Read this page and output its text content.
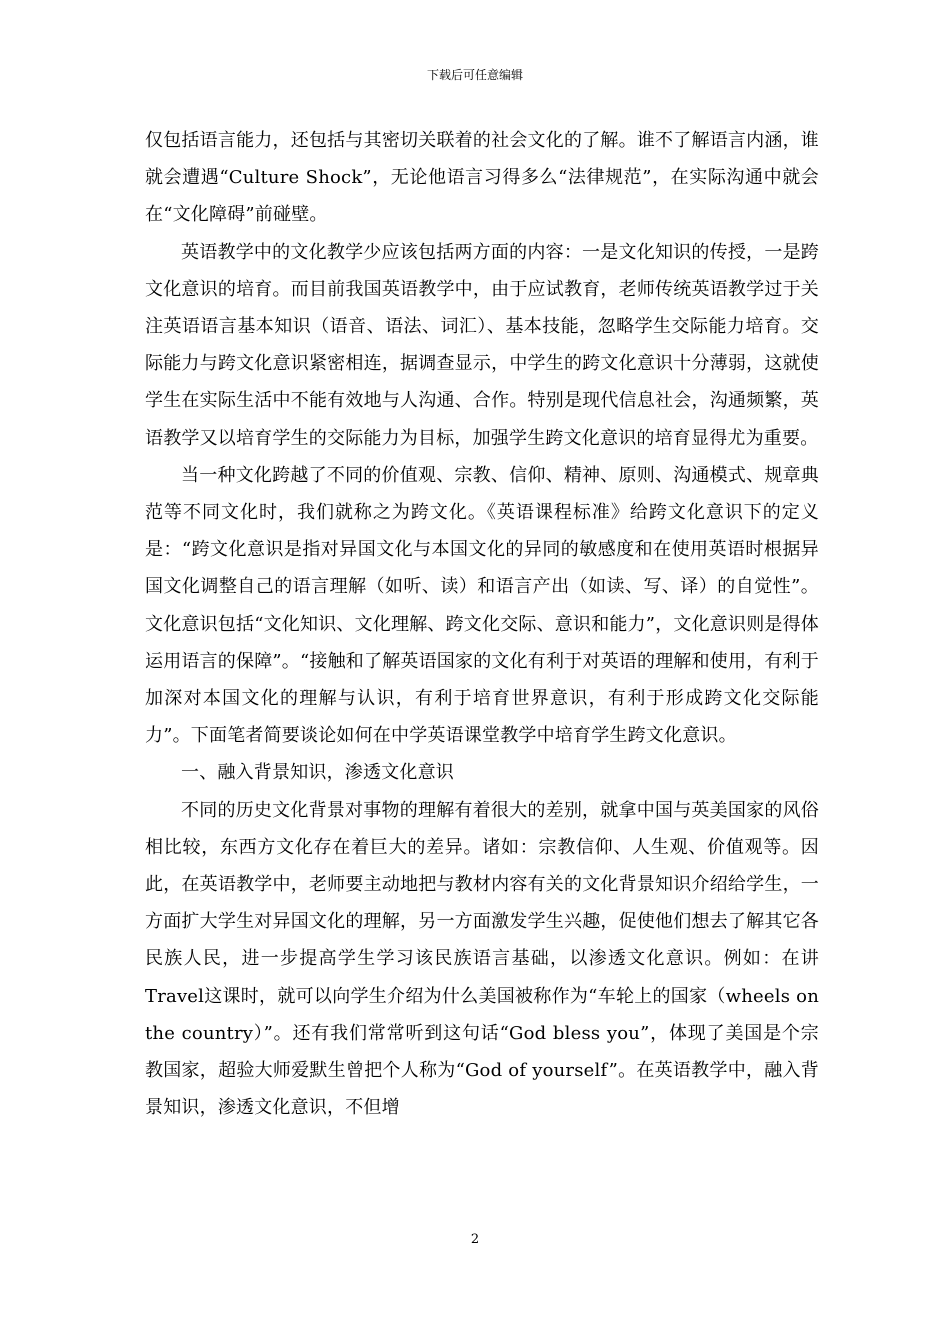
下载后可任意编辑

仅包括语言能力，还包括与其密切关联着的社会文化的了解。谁不了解语言内涵，谁就会遭遇“Culture Shock”，无论他语言习得多么“法律规范”，在实际沟通中就会在“文化障碍”前碰壁。

英语教学中的文化教学少应该包括两方面的内容：一是文化知识的传授，一是跨文化意识的培育。而目前我国英语教学中，由于应试教育，老师传统英语教学过于关注英语语言基本知识（语音、语法、词汇）、基本技能，忽略学生交际能力培育。交际能力与跨文化意识紧密相连，据调查显示，中学生的跨文化意识十分薄弱，这就使学生在实际生活中不能有效地与人沟通、合作。特别是现代信息社会，沟通频繁，英语教学又以培育学生的交际能力为目标，加强学生跨文化意识的培育显得尤为重要。

当一种文化跨越了不同的价值观、宗教、信仰、精神、原则、沟通模式、规章典范等不同文化时，我们就称之为跨文化。《英语课程标准》给跨文化意识下的定义是：“跨文化意识是指对异国文化与本国文化的异同的敏感度和在使用英语时根据异国文化调整自己的语言理解（如听、读）和语言产出（如读、写、译）的自觉性”。文化意识包括“文化知识、文化理解、跨文化交际、意识和能力”，文化意识则是得体运用语言的保障”。“接触和了解英语国家的文化有利于对英语的理解和使用，有利于加深对本国文化的理解与认识，有利于培育世界意识，有利于形成跨文化交际能力”。下面笔者简要谈论如何在中学英语课堂教学中培育学生跨文化意识。

一、融入背景知识，渗透文化意识

不同的历史文化背景对事物的理解有着很大的差别，就拿中国与英美国家的风俗相比较，东西方文化存在着巨大的差异。诸如：宗教信仰、人生观、价值观等。因此，在英语教学中，老师要主动地把与教材内容有关的文化背景知识介绍给学生，一方面扩大学生对异国文化的理解，另一方面激发学生兴趣，促使他们想去了解其它各民族人民，进一步提高学生学习该民族语言基础，以渗透文化意识。例如：在讲Travel这课时，就可以向学生介绍为什么美国被称作为“车轮上的国家（wheels on the country）”。还有我们常常听到这句话“God bless you”，体现了美国是个宗教国家，超验大师爱默生曾把个人称为“God of yourself”。在英语教学中，融入背景知识，渗透文化意识，不但增

2
